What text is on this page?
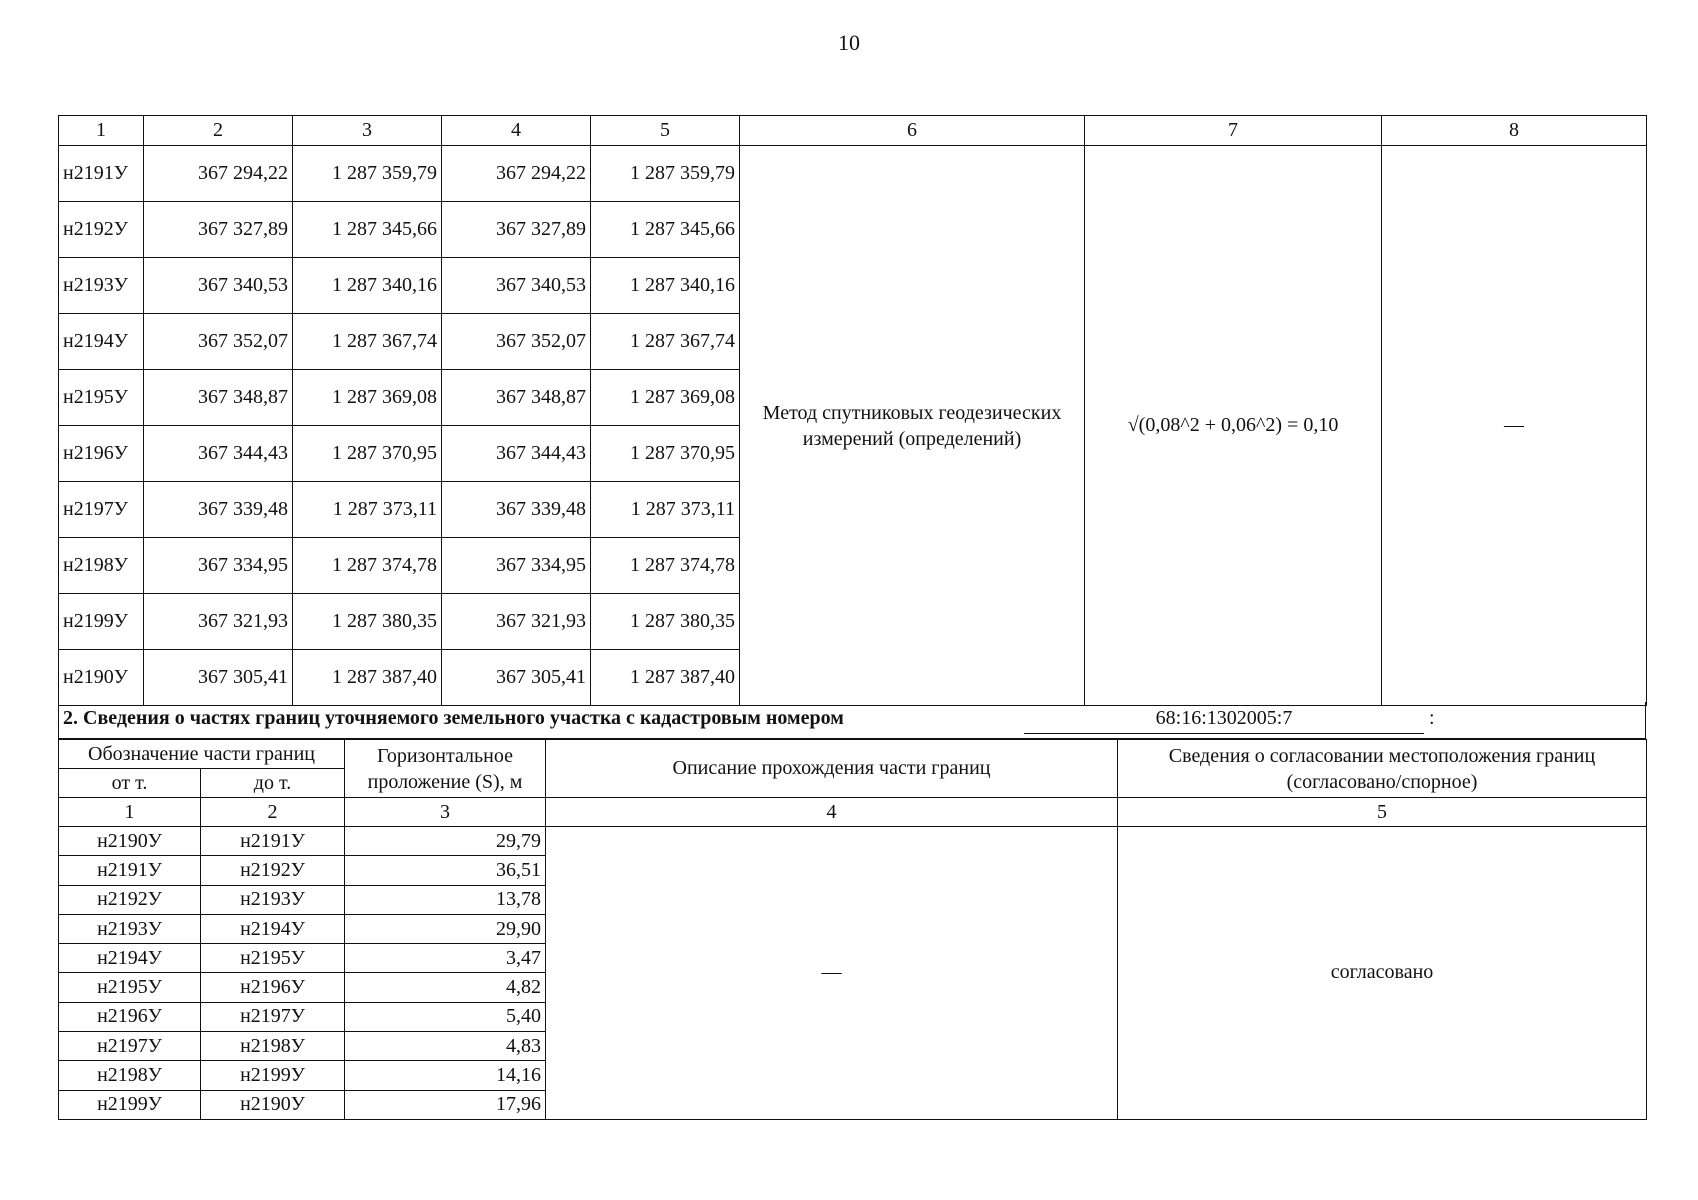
10
1	2	3	4	5	6	7	8
н2191У	367 294,22	1 287 359,79	367 294,22	1 287 359,79	Метод спутниковых геодезических измерений (определений)	√(0,08^2 + 0,06^2) = 0,10	—
н2192У	367 327,89	1 287 345,66	367 327,89	1 287 345,66			
н2193У	367 340,53	1 287 340,16	367 340,53	1 287 340,16			
н2194У	367 352,07	1 287 367,74	367 352,07	1 287 367,74			
н2195У	367 348,87	1 287 369,08	367 348,87	1 287 369,08			
н2196У	367 344,43	1 287 370,95	367 344,43	1 287 370,95			
н2197У	367 339,48	1 287 373,11	367 339,48	1 287 373,11			
н2198У	367 334,95	1 287 374,78	367 334,95	1 287 374,78			
н2199У	367 321,93	1 287 380,35	367 321,93	1 287 380,35			
н2190У	367 305,41	1 287 387,40	367 305,41	1 287 387,40			
2. Сведения о частях границ уточняемого земельного участка с кадастровым номером	68:16:1302005:7	:
Обозначение части границ		Горизонтальное проложение (S), м	Описание прохождения части границ	Сведения о согласовании местоположения границ (согласовано/спорное)
от т.	до т.			
1	2	3	4	5
н2190У	н2191У	29,79	—	согласовано
н2191У	н2192У	36,51		
н2192У	н2193У	13,78		
н2193У	н2194У	29,90		
н2194У	н2195У	3,47		
н2195У	н2196У	4,82		
н2196У	н2197У	5,40		
н2197У	н2198У	4,83		
н2198У	н2199У	14,16		
н2199У	н2190У	17,96		
